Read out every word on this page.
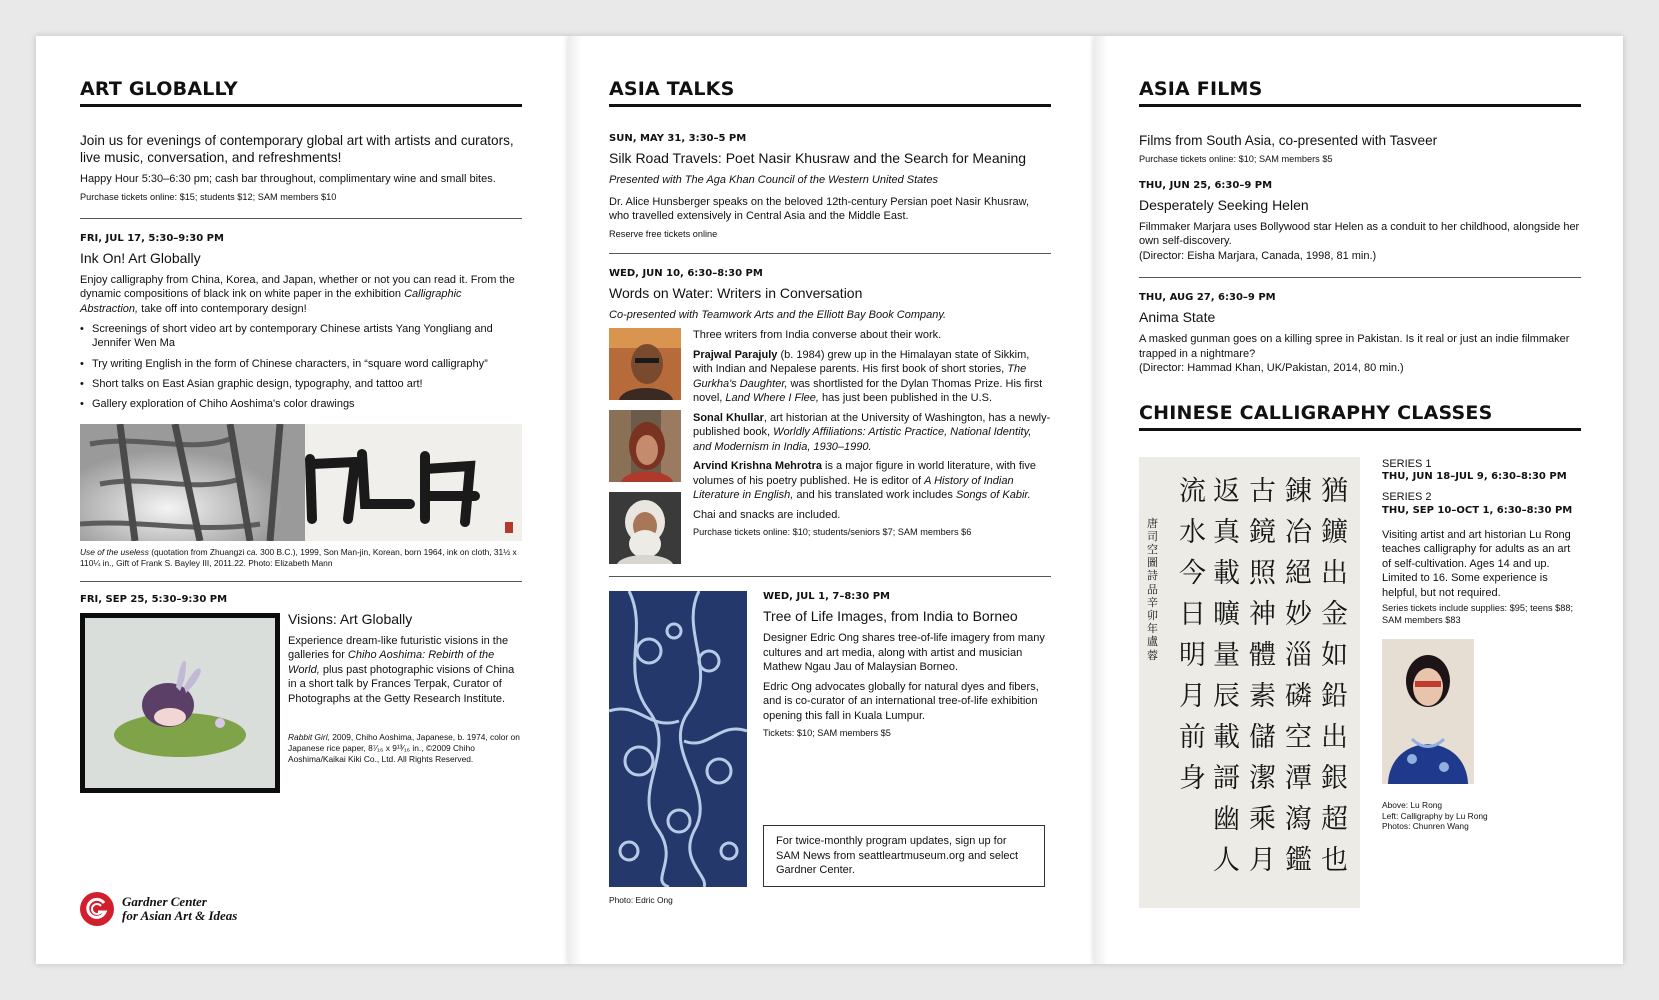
ART GLOBALLY

Join us for evenings of contemporary global art with artists and curators, live music, conversation, and refreshments!

Happy Hour 5:30–6:30 pm; cash bar throughout, complimentary wine and small bites.

Purchase tickets online: $15; students $12; SAM members $10

FRI, JUL 17, 5:30–9:30 PM
Ink On! Art Globally

Enjoy calligraphy from China, Korea, and Japan, whether or not you can read it. From the dynamic compositions of black ink on white paper in the exhibition Calligraphic Abstraction, take off into contemporary design!

• Screenings of short video art by contemporary Chinese artists Yang Yongliang and Jennifer Wen Ma
• Try writing English in the form of Chinese characters, in “square word calligraphy”
• Short talks on East Asian graphic design, typography, and tattoo art!
• Gallery exploration of Chiho Aoshima's color drawings

Use of the useless (quotation from Zhuangzi ca. 300 B.C.), 1999, Son Man-jin, Korean, born 1964, ink on cloth, 31½ x 110¼ in., Gift of Frank S. Bayley III, 2011.22. Photo: Elizabeth Mann

FRI, SEP 25, 5:30–9:30 PM
Visions: Art Globally

Experience dream-like futuristic visions in the galleries for Chiho Aoshima: Rebirth of the World, plus past photographic visions of China in a short talk by Frances Terpak, Curator of Photographs at the Getty Research Institute.

Rabbit Girl, 2009, Chiho Aoshima, Japanese, b. 1974, color on Japanese rice paper, 8⁷⁄₁₆ x 9¹³⁄₁₆ in., ©2009 Chiho Aoshima/Kaikai Kiki Co., Ltd. All Rights Reserved.

Gardner Center
for Asian Art & Ideas
ASIA TALKS
SUN, MAY 31, 3:30–5 PM
Silk Road Travels: Poet Nasir Khusraw and the Search for Meaning

Presented with The Aga Khan Council of the Western United States

Dr. Alice Hunsberger speaks on the beloved 12th-century Persian poet Nasir Khusraw, who travelled extensively in Central Asia and the Middle East.

Reserve free tickets online

WED, JUN 10, 6:30–8:30 PM
Words on Water: Writers in Conversation

Co-presented with Teamwork Arts and the Elliott Bay Book Company.

Three writers from India converse about their work.

Prajwal Parajuly (b. 1984) grew up in the Himalayan state of Sikkim, with Indian and Nepalese parents. His first book of short stories, The Gurkha's Daughter, was shortlisted for the Dylan Thomas Prize. His first novel, Land Where I Flee, has just been published in the U.S.

Sonal Khullar, art historian at the University of Washington, has a newly-published book, Worldly Affiliations: Artistic Practice, National Identity, and Modernism in India, 1930–1990.

Arvind Krishna Mehrotra is a major figure in world literature, with five volumes of his poetry published. He is editor of A History of Indian Literature in English, and his translated work includes Songs of Kabir.

Chai and snacks are included.

Purchase tickets online: $10; students/seniors $7; SAM members $6

Photo: Edric Ong

WED, JUL 1, 7–8:30 PM
Tree of Life Images, from India to Borneo

Designer Edric Ong shares tree-of-life imagery from many cultures and art media, along with artist and musician Mathew Ngau Jau of Malaysian Borneo.

Edric Ong advocates globally for natural dyes and fibers, and is co-curator of an international tree-of-life exhibition opening this fall in Kuala Lumpur.

Tickets: $10; SAM members $5

For twice-monthly program updates, sign up for SAM News from seattleartmuseum.org and select Gardner Center.
ASIA FILMS

Films from South Asia, co-presented with Tasveer

Purchase tickets online: $10; SAM members $5

THU, JUN 25, 6:30–9 PM
Desperately Seeking Helen

Filmmaker Marjara uses Bollywood star Helen as a conduit to her childhood, alongside her own self-discovery.

(Director: Eisha Marjara, Canada, 1998, 81 min.)

THU, AUG 27, 6:30–9 PM
Anima State

A masked gunman goes on a killing spree in Pakistan. Is it real or just an indie filmmaker trapped in a nightmare?

(Director: Hammad Khan, UK/Pakistan, 2014, 80 min.)

CHINESE CALLIGRAPHY CLASSES
猶
鑛
出
金
如
鉛
出
銀
超
也
錬
冶
絕
妙
淄
磷
空
潭
瀉
鑑
古
鏡
照
神
體
素
儲
潔
乘
月
返
真
載
曠
量
辰
載
謌
幽
人
流
水
今
日
明
月
前
身
唐司空圖詩品辛卯年盧蓉
SERIES 1
THU, JUN 18–JUL 9, 6:30–8:30 PM
SERIES 2
THU, SEP 10–OCT 1, 6:30–8:30 PM

Visiting artist and art historian Lu Rong teaches calligraphy for adults as an art of self-cultivation. Ages 14 and up. Limited to 16. Some experience is helpful, but not required.

Series tickets include supplies: $95; teens $88; SAM members $83

Above: Lu Rong
Left: Calligraphy by Lu Rong
Photos: Chunren Wang
